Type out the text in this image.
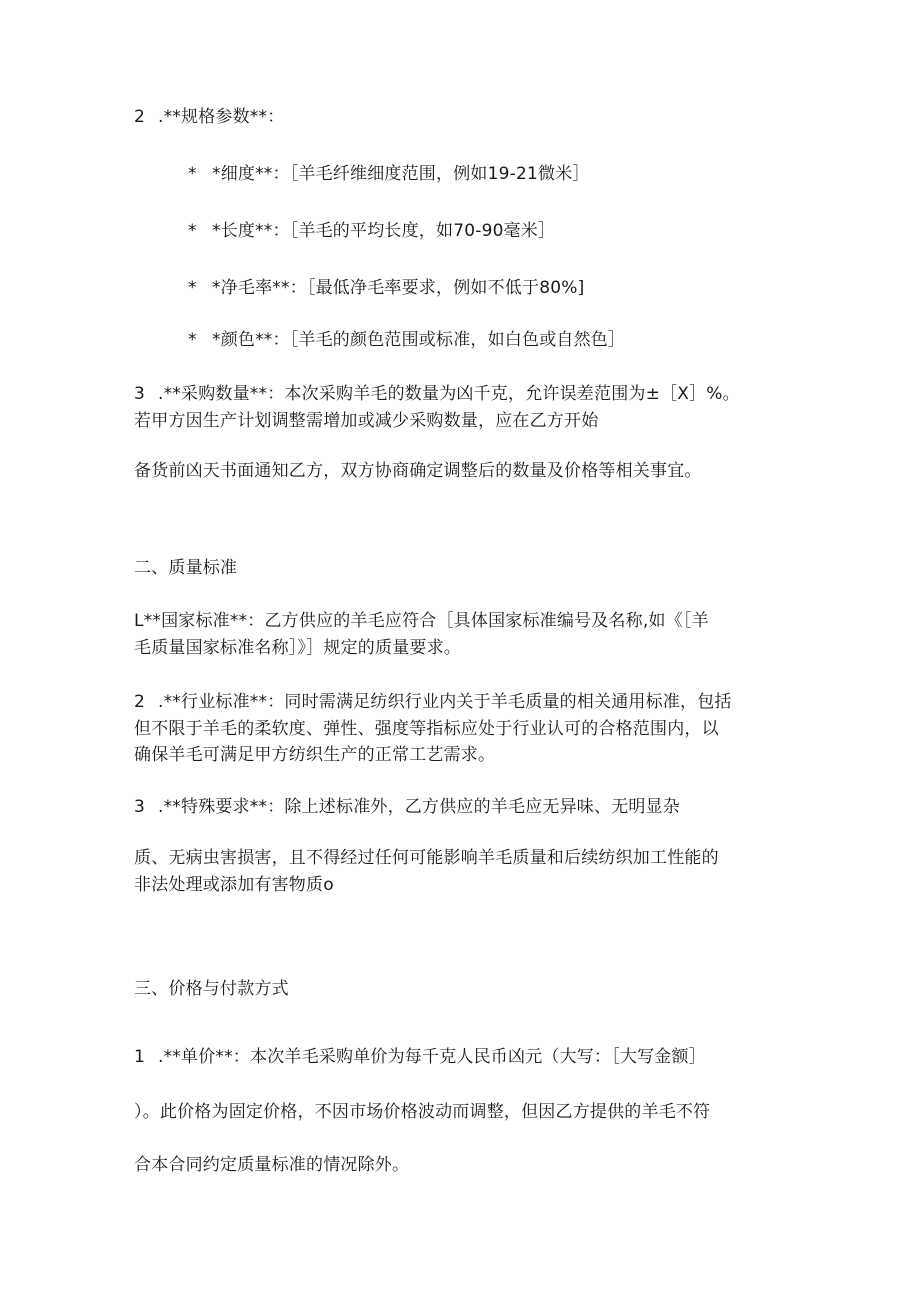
2 .**规格参数**：
* *细度**：［羊毛纤维细度范围，例如19-21微米］
* *长度**：［羊毛的平均长度，如70-90毫米］
* *净毛率**：［最低净毛率要求，例如不低于80%]
* *颜色**：［羊毛的颜色范围或标准，如白色或自然色］
3 .**采购数量**：本次采购羊毛的数量为凶千克，允许误差范围为±［X］%。
若甲方因生产计划调整需增加或减少采购数量，应在乙方开始
备货前凶天书面通知乙方，双方协商确定调整后的数量及价格等相关事宜。
二、质量标准
L**国家标准**：乙方供应的羊毛应符合［具体国家标准编号及名称,如《［羊
毛质量国家标准名称］》］规定的质量要求。
2 .**行业标准**：同时需满足纺织行业内关于羊毛质量的相关通用标准，包括
但不限于羊毛的柔软度、弹性、强度等指标应处于行业认可的合格范围内，以
确保羊毛可满足甲方纺织生产的正常工艺需求。
3 .**特殊要求**：除上述标准外，乙方供应的羊毛应无异味、无明显杂
质、无病虫害损害，且不得经过任何可能影响羊毛质量和后续纺织加工性能的
非法处理或添加有害物质o
三、价格与付款方式
1 .**单价**：本次羊毛采购单价为每千克人民币凶元（大写：［大写金额］
）。此价格为固定价格，不因市场价格波动而调整，但因乙方提供的羊毛不符
合本合同约定质量标准的情况除外。
